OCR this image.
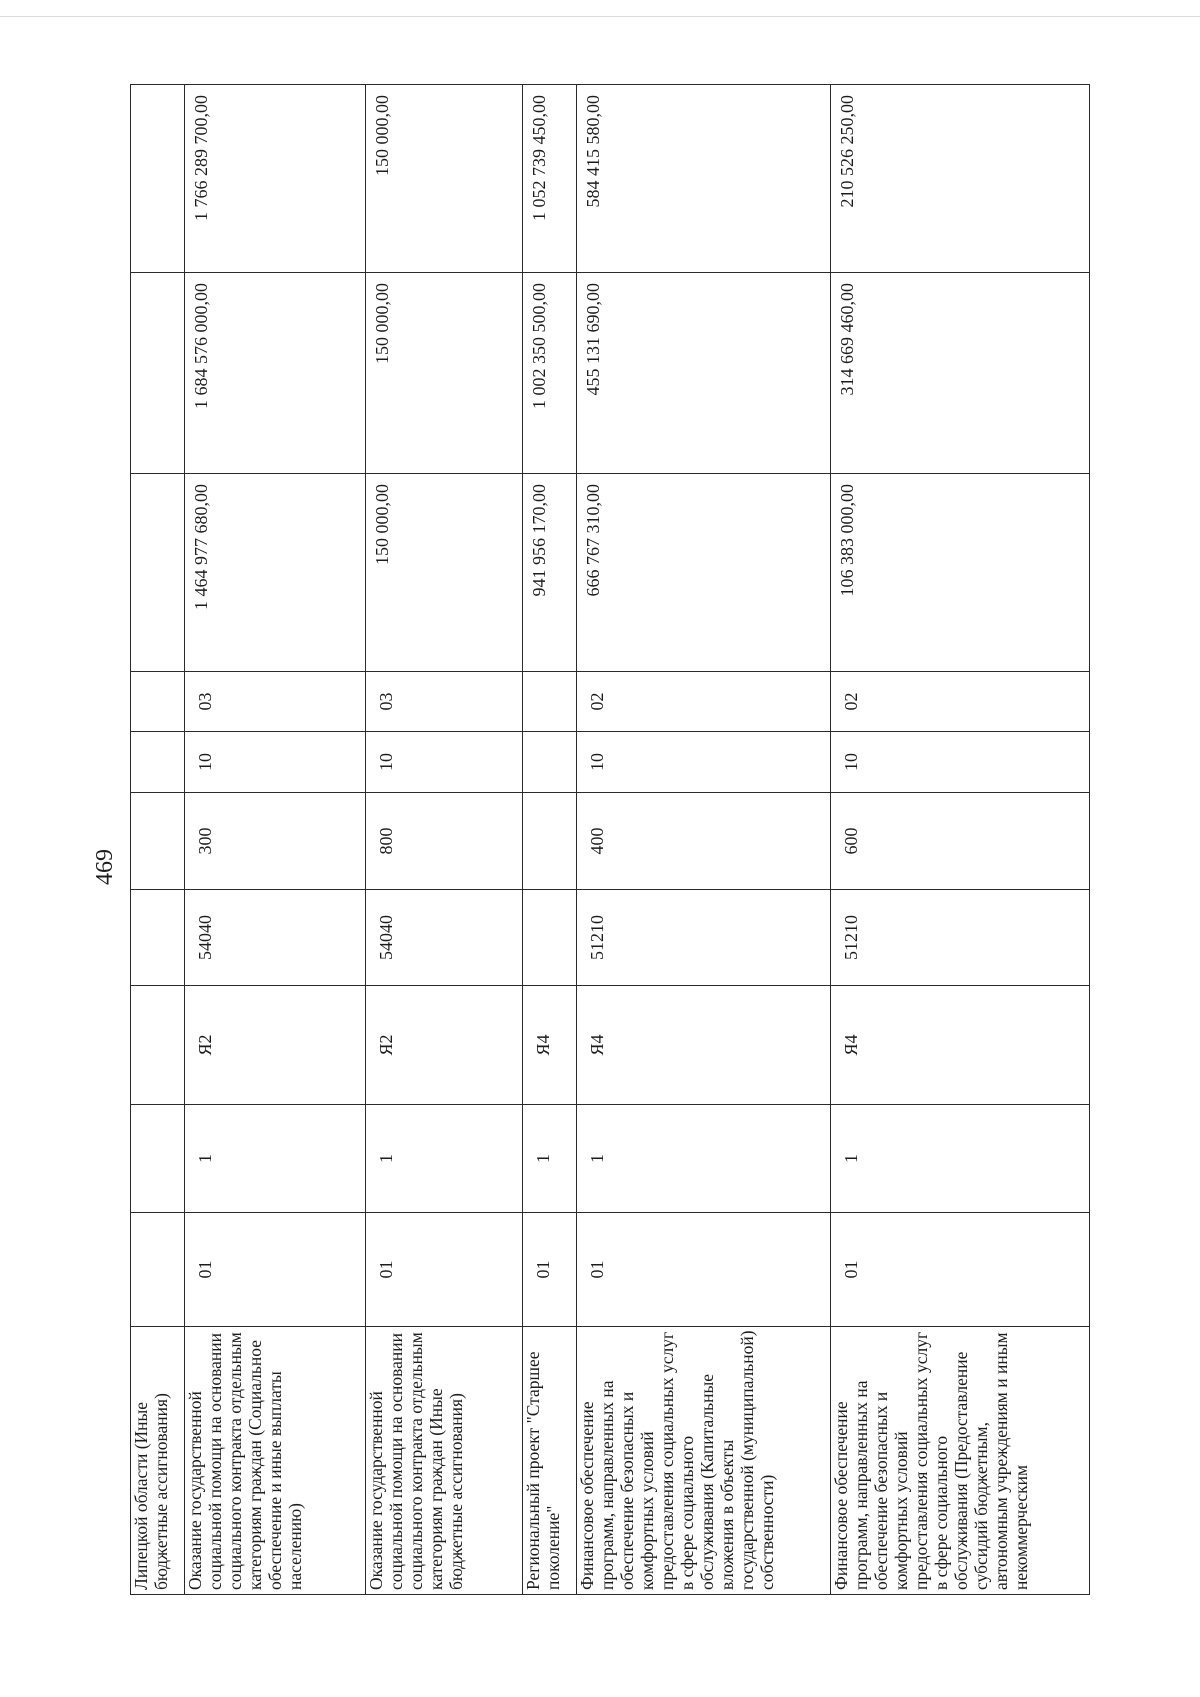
469
Липецкой области (Иные бюджетные ассигнования)										
Оказание государственной социальной помощи на основании социального контракта отдельным категориям граждан (Социальное обеспечение и иные выплаты населению)	01	1	Я2	54040	300	10	03	1 464 977 680,00	1 684 576 000,00	1 766 289 700,00
Оказание государственной социальной помощи на основании социального контракта отдельным категориям граждан (Иные бюджетные ассигнования)	01	1	Я2	54040	800	10	03	150 000,00	150 000,00	150 000,00
Региональный проект "Старшее поколение"	01	1	Я4					941 956 170,00	1 002 350 500,00	1 052 739 450,00
Финансовое обеспечение программ, направленных на обеспечение безопасных и комфортных условий предоставления социальных услуг в сфере социального обслуживания (Капитальные вложения в объекты государственной (муниципальной) собственности)	01	1	Я4	51210	400	10	02	666 767 310,00	455 131 690,00	584 415 580,00
Финансовое обеспечение программ, направленных на обеспечение безопасных и комфортных условий предоставления социальных услуг в сфере социального обслуживания (Предоставление субсидий бюджетным, автономным учреждениям и иным некоммерческим	01	1	Я4	51210	600	10	02	106 383 000,00	314 669 460,00	210 526 250,00
